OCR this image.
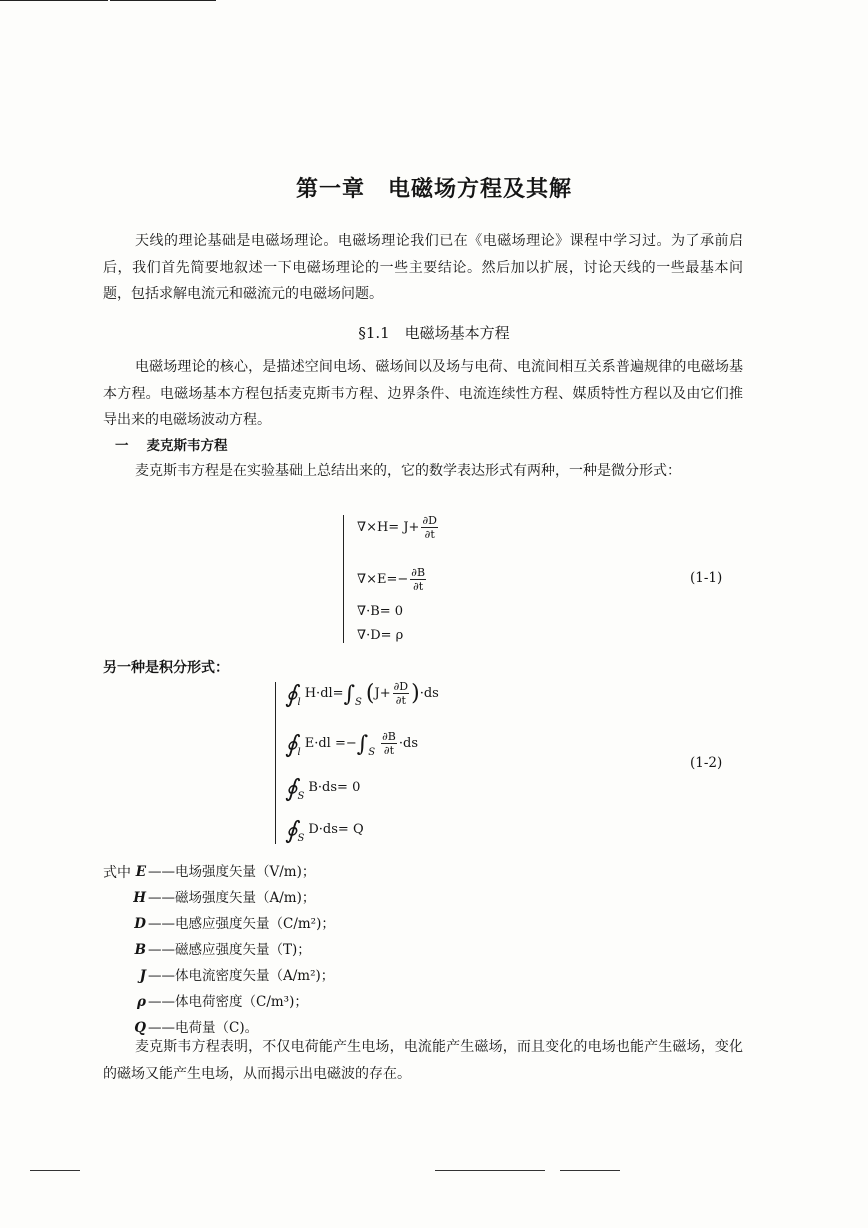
第一章　电磁场方程及其解
天线的理论基础是电磁场理论。电磁场理论我们已在《电磁场理论》课程中学习过。为了承前启后，我们首先简要地叙述一下电磁场理论的一些主要结论。然后加以扩展，讨论天线的一些最基本问题，包括求解电流元和磁流元的电磁场问题。
§1.1　电磁场基本方程
电磁场理论的核心，是描述空间电场、磁场间以及场与电荷、电流间相互关系普遍规律的电磁场基本方程。电磁场基本方程包括麦克斯韦方程、边界条件、电流连续性方程、媒质特性方程以及由它们推导出来的电磁场波动方程。
一 麦克斯韦方程
麦克斯韦方程是在实验基础上总结出来的，它的数学表达形式有两种，一种是微分形式：
$\nabla\times H= J+ \frac{\partial D}{\partial t}$
$\nabla\times E=- \frac{\partial B}{\partial t}$
∇·B= 0
∇·D= ρ
(1-1)
另一种是积分形式：
$∮_lH\cdot dl=\int_S$ $(J+ \frac{\partial D}{\partial t} )\cdot ds$
$∮_lE\cdot dl =-\int_S \frac{\partial B}{\partial t} \cdot ds$
$∮_SB\cdot ds= 0$
$∮_SD\cdot ds= Q$
(1-2)
式中 E ——电场强度矢量（V/m)；
H ——磁场强度矢量（A/m)；
D ——电感应强度矢量（C/m²)；
B ——磁感应强度矢量（T)；
J ——体电流密度矢量（A/m²)；
ρ ——体电荷密度（C/m³)；
Q ——电荷量（C)。
麦克斯韦方程表明，不仅电荷能产生电场，电流能产生磁场，而且变化的电场也能产生磁场，变化的磁场又能产生电场，从而揭示出电磁波的存在。
